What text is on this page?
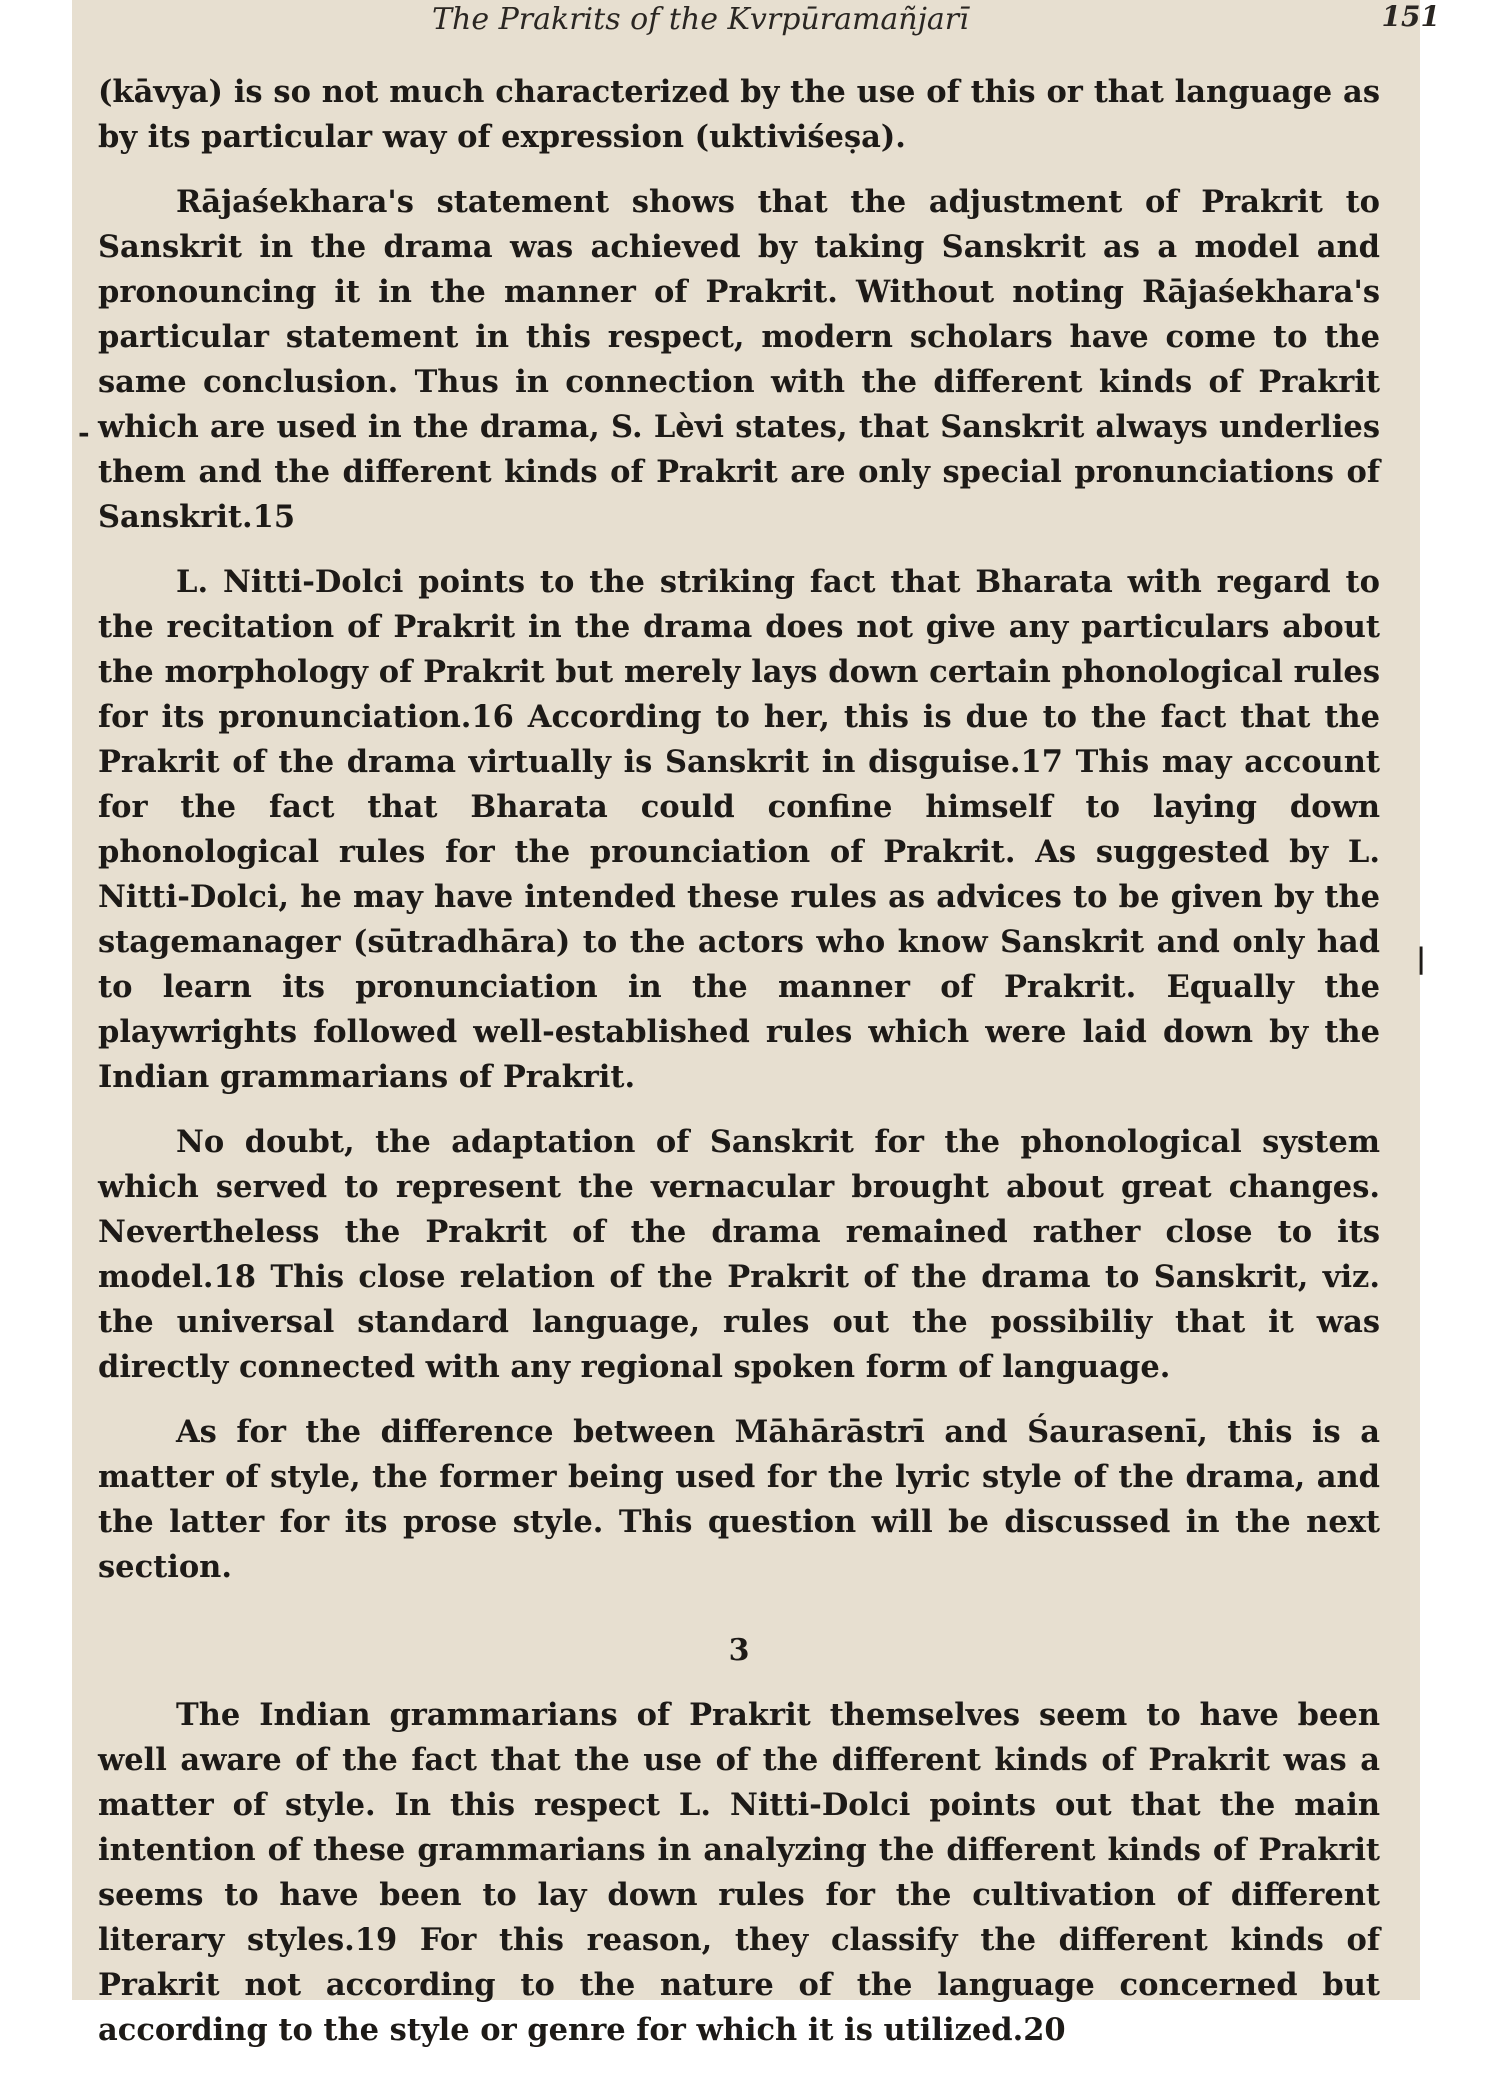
The Prakrits of the Kvrpūramañjarī	151
-
|

(kāvya) is so not much characterized by the use of this or that language as by its particular way of expression (uktiviśeṣa).

Rājaśekhara's statement shows that the adjustment of Prakrit to Sanskrit in the drama was achieved by taking Sanskrit as a model and pronouncing it in the manner of Prakrit. Without noting Rājaśekhara's particular statement in this respect, modern scholars have come to the same conclusion. Thus in connection with the different kinds of Prakrit which are used in the drama, S. Lèvi states, that Sanskrit always underlies them and the different kinds of Prakrit are only special pronunciations of Sanskrit.15

L. Nitti-Dolci points to the striking fact that Bharata with regard to the recitation of Prakrit in the drama does not give any particulars about the morphology of Prakrit but merely lays down certain phonological rules for its pronunciation.16 According to her, this is due to the fact that the Prakrit of the drama virtually is Sanskrit in disguise.17 This may account for the fact that Bharata could confine himself to laying down phonological rules for the prounciation of Prakrit. As suggested by L. Nitti-Dolci, he may have intended these rules as advices to be given by the stagemanager (sūtradhāra) to the actors who know Sanskrit and only had to learn its pronunciation in the manner of Prakrit. Equally the playwrights followed well-established rules which were laid down by the Indian grammarians of Prakrit.

No doubt, the adaptation of Sanskrit for the phonological system which served to represent the vernacular brought about great changes. Nevertheless the Prakrit of the drama remained rather close to its model.18 This close relation of the Prakrit of the drama to Sanskrit, viz. the universal standard language, rules out the possibiliy that it was directly connected with any regional spoken form of language.

As for the difference between Māhārāstrī and Śaurasenī, this is a matter of style, the former being used for the lyric style of the drama, and the latter for its prose style. This question will be discussed in the next section.

3

The Indian grammarians of Prakrit themselves seem to have been well aware of the fact that the use of the different kinds of Prakrit was a matter of style. In this respect L. Nitti-Dolci points out that the main intention of these grammarians in analyzing the different kinds of Prakrit seems to have been to lay down rules for the cultivation of different literary styles.19 For this reason, they classify the different kinds of Prakrit not according to the nature of the language concerned but according to the style or genre for which it is utilized.20
